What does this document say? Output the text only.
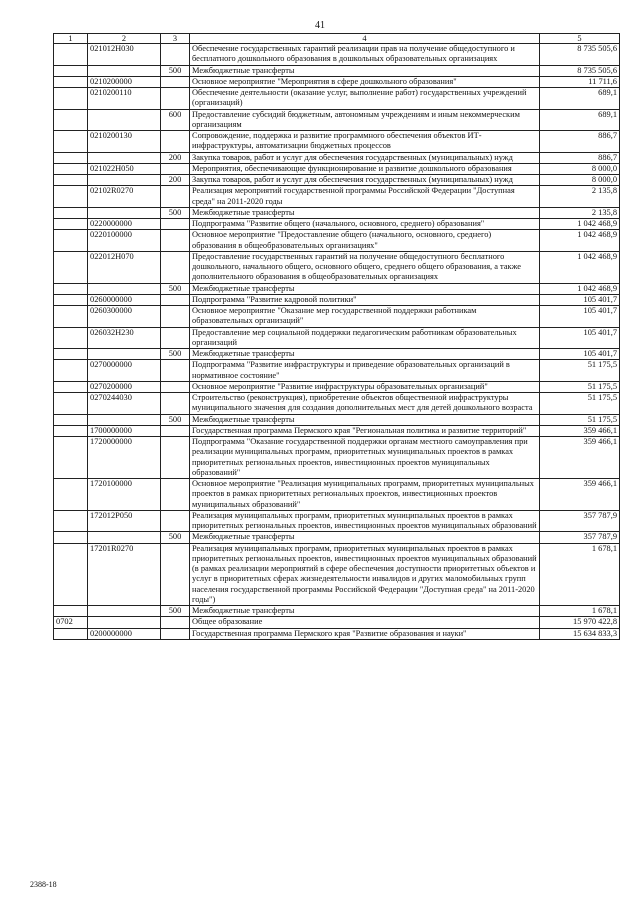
41
1	2	3	4	5
	021012Н030		Обеспечение государственных гарантий реализации прав на получение общедоступного и бесплатного дошкольного образования в дошкольных образовательных организациях	8 735 505,6
		500	Межбюджетные трансферты	8 735 505,6
	0210200000		Основное мероприятие "Мероприятия в сфере дошкольного образования"	11 711,6
	0210200110		Обеспечение деятельности (оказание услуг, выполнение работ) государственных учреждений (организаций)	689,1
		600	Предоставление субсидий бюджетным, автономным учреждениям и иным некоммерческим организациям	689,1
	0210200130		Сопровождение, поддержка и развитие программного обеспечения объектов ИТ-инфраструктуры, автоматизации бюджетных процессов	886,7
		200	Закупка товаров, работ и услуг для обеспечения государственных (муниципальных) нужд	886,7
	021022Н050		Мероприятия, обеспечивающие функционирование и развитие дошкольного образования	8 000,0
		200	Закупка товаров, работ и услуг для обеспечения государственных (муниципальных) нужд	8 000,0
	02102R0270		Реализация мероприятий государственной программы Российской Федерации "Доступная среда" на 2011-2020 годы	2 135,8
		500	Межбюджетные трансферты	2 135,8
	0220000000		Подпрограмма "Развитие общего (начального, основного, среднего) образования"	1 042 468,9
	0220100000		Основное мероприятие "Предоставление общего (начального, основного, среднего) образования в общеобразовательных организациях"	1 042 468,9
	022012Н070		Предоставление государственных гарантий на получение общедоступного бесплатного дошкольного, начального общего, основного общего, среднего общего образования, а также дополнительного образования в общеобразовательных организациях	1 042 468,9
		500	Межбюджетные трансферты	1 042 468,9
	0260000000		Подпрограмма "Развитие кадровой политики"	105 401,7
	0260300000		Основное мероприятие "Оказание мер государственной поддержки работникам образовательных организаций"	105 401,7
	026032Н230		Предоставление мер социальной поддержки педагогическим работникам образовательных организаций	105 401,7
		500	Межбюджетные трансферты	105 401,7
	0270000000		Подпрограмма "Развитие инфраструктуры и приведение образовательных организаций в нормативное состояние"	51 175,5
	0270200000		Основное мероприятие "Развитие инфраструктуры образовательных организаций"	51 175,5
	0270244030		Строительство (реконструкция), приобретение объектов общественной инфраструктуры муниципального значения для создания дополнительных мест для детей дошкольного возраста	51 175,5
		500	Межбюджетные трансферты	51 175,5
	1700000000		Государственная программа Пермского края "Региональная политика и развитие территорий"	359 466,1
	1720000000		Подпрограмма "Оказание государственной поддержки органам местного самоуправления при реализации муниципальных программ, приоритетных муниципальных проектов в рамках приоритетных региональных проектов, инвестиционных проектов муниципальных образований"	359 466,1
	1720100000		Основное мероприятие "Реализация муниципальных программ, приоритетных муниципальных проектов в рамках приоритетных региональных проектов, инвестиционных проектов муниципальных образований"	359 466,1
	172012Р050		Реализация муниципальных программ, приоритетных муниципальных проектов в рамках приоритетных региональных проектов, инвестиционных проектов муниципальных образований	357 787,9
		500	Межбюджетные трансферты	357 787,9
	17201R0270		Реализация муниципальных программ, приоритетных муниципальных проектов в рамках приоритетных региональных проектов, инвестиционных проектов муниципальных образований (в рамках реализации мероприятий в сфере обеспечения доступности приоритетных объектов и услуг в приоритетных сферах жизнедеятельности инвалидов и других маломобильных групп населения государственной программы Российской Федерации "Доступная среда" на 2011-2020 годы")	1 678,1
		500	Межбюджетные трансферты	1 678,1
0702			Общее образование	15 970 422,8
	0200000000		Государственная программа Пермского края "Развитие образования и науки"	15 634 833,3
2388-18
